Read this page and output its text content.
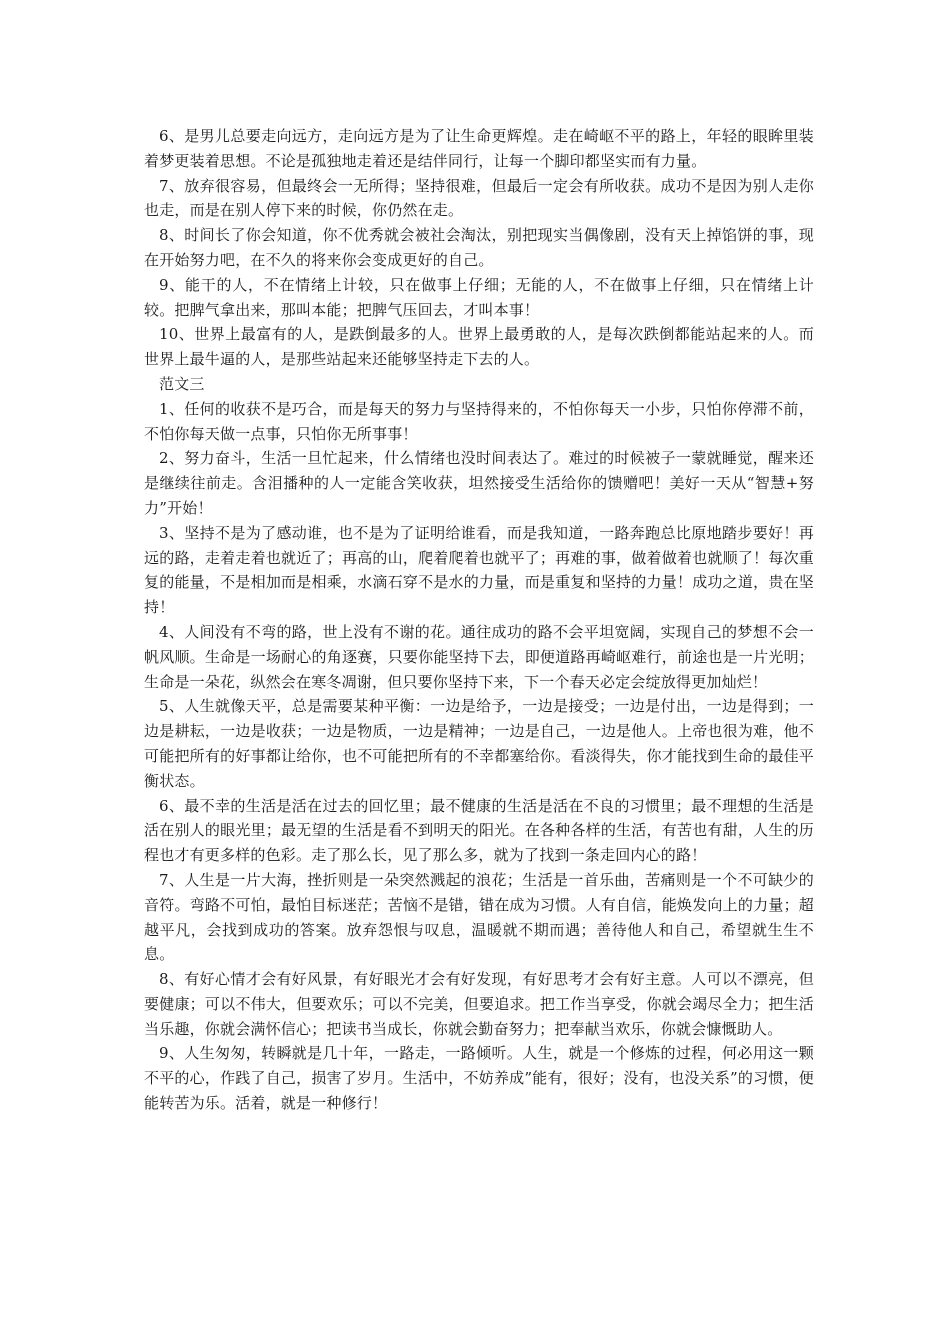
6、是男儿总要走向远方，走向远方是为了让生命更辉煌。走在崎岖不平的路上，年轻的眼眸里装着梦更装着思想。不论是孤独地走着还是结伴同行，让每一个脚印都坚实而有力量。

7、放弃很容易，但最终会一无所得；坚持很难，但最后一定会有所收获。成功不是因为别人走你也走，而是在别人停下来的时候，你仍然在走。

8、时间长了你会知道，你不优秀就会被社会淘汰，别把现实当偶像剧，没有天上掉馅饼的事，现在开始努力吧，在不久的将来你会变成更好的自己。

9、能干的人，不在情绪上计较，只在做事上仔细；无能的人，不在做事上仔细，只在情绪上计较。把脾气拿出来，那叫本能；把脾气压回去，才叫本事！

10、世界上最富有的人，是跌倒最多的人。世界上最勇敢的人，是每次跌倒都能站起来的人。而世界上最牛逼的人，是那些站起来还能够坚持走下去的人。

范文三

1、任何的收获不是巧合，而是每天的努力与坚持得来的，不怕你每天一小步，只怕你停滞不前，不怕你每天做一点事，只怕你无所事事！

2、努力奋斗，生活一旦忙起来，什么情绪也没时间表达了。难过的时候被子一蒙就睡觉，醒来还是继续往前走。含泪播种的人一定能含笑收获，坦然接受生活给你的馈赠吧！美好一天从“智慧+努力”开始！

3、坚持不是为了感动谁，也不是为了证明给谁看，而是我知道，一路奔跑总比原地踏步要好！再远的路，走着走着也就近了；再高的山，爬着爬着也就平了；再难的事，做着做着也就顺了！每次重复的能量，不是相加而是相乘，水滴石穿不是水的力量，而是重复和坚持的力量！成功之道，贵在坚持！

4、人间没有不弯的路，世上没有不谢的花。通往成功的路不会平坦宽阔，实现自己的梦想不会一帆风顺。生命是一场耐心的角逐赛，只要你能坚持下去，即便道路再崎岖难行，前途也是一片光明；生命是一朵花，纵然会在寒冬凋谢，但只要你坚持下来，下一个春天必定会绽放得更加灿烂！

5、人生就像天平，总是需要某种平衡：一边是给予，一边是接受；一边是付出，一边是得到；一边是耕耘，一边是收获；一边是物质，一边是精神；一边是自己，一边是他人。上帝也很为难，他不可能把所有的好事都让给你，也不可能把所有的不幸都塞给你。看淡得失，你才能找到生命的最佳平衡状态。

6、最不幸的生活是活在过去的回忆里；最不健康的生活是活在不良的习惯里；最不理想的生活是活在别人的眼光里；最无望的生活是看不到明天的阳光。在各种各样的生活，有苦也有甜，人生的历程也才有更多样的色彩。走了那么长，见了那么多，就为了找到一条走回内心的路！

7、人生是一片大海，挫折则是一朵突然溅起的浪花；生活是一首乐曲，苦痛则是一个不可缺少的音符。弯路不可怕，最怕目标迷茫；苦恼不是错，错在成为习惯。人有自信，能焕发向上的力量；超越平凡，会找到成功的答案。放弃怨恨与叹息，温暖就不期而遇；善待他人和自己，希望就生生不息。

8、有好心情才会有好风景，有好眼光才会有好发现，有好思考才会有好主意。人可以不漂亮，但要健康；可以不伟大，但要欢乐；可以不完美，但要追求。把工作当享受，你就会竭尽全力；把生活当乐趣，你就会满怀信心；把读书当成长，你就会勤奋努力；把奉献当欢乐，你就会慷慨助人。

9、人生匆匆，转瞬就是几十年，一路走，一路倾听。人生，就是一个修炼的过程，何必用这一颗不平的心，作践了自己，损害了岁月。生活中，不妨养成”能有，很好；没有，也没关系”的习惯，便能转苦为乐。活着，就是一种修行！
